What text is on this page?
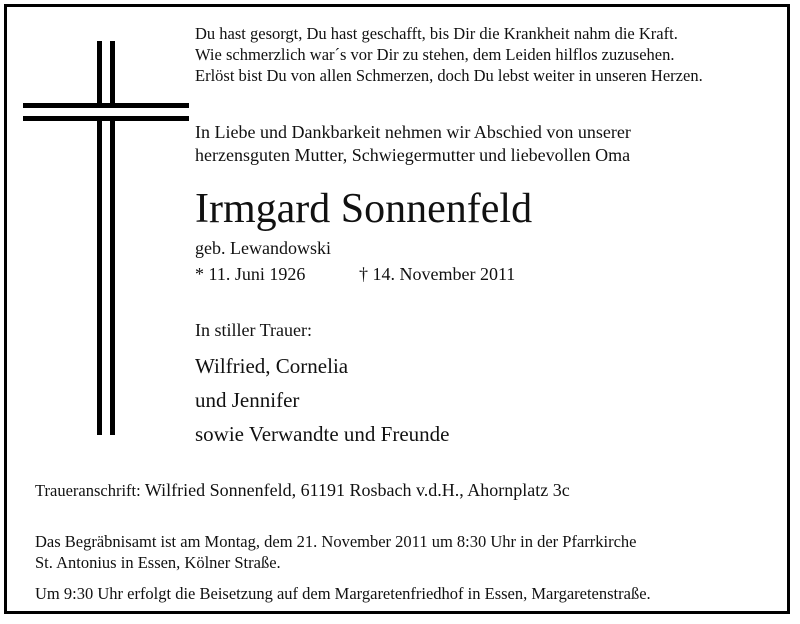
Du hast gesorgt, Du hast geschafft, bis Dir die Krankheit nahm die Kraft.
Wie schmerzlich war´s vor Dir zu stehen, dem Leiden hilflos zuzusehen.
Erlöst bist Du von allen Schmerzen, doch Du lebst weiter in unseren Herzen.
In Liebe und Dankbarkeit nehmen wir Abschied von unserer
herzensguten Mutter, Schwiegermutter und liebevollen Oma
Irmgard Sonnenfeld
geb. Lewandowski
* 11. Juni 1926	† 14. November 2011
In stiller Trauer:
Wilfried, Cornelia
und Jennifer
sowie Verwandte und Freunde
Traueranschrift: Wilfried Sonnenfeld, 61191 Rosbach v.d.H., Ahornplatz 3c
Das Begräbnisamt ist am Montag, dem 21. November 2011 um 8:30 Uhr in der Pfarrkirche
St. Antonius in Essen, Kölner Straße.
Um 9:30 Uhr erfolgt die Beisetzung auf dem Margaretenfriedhof in Essen, Margaretenstraße.
